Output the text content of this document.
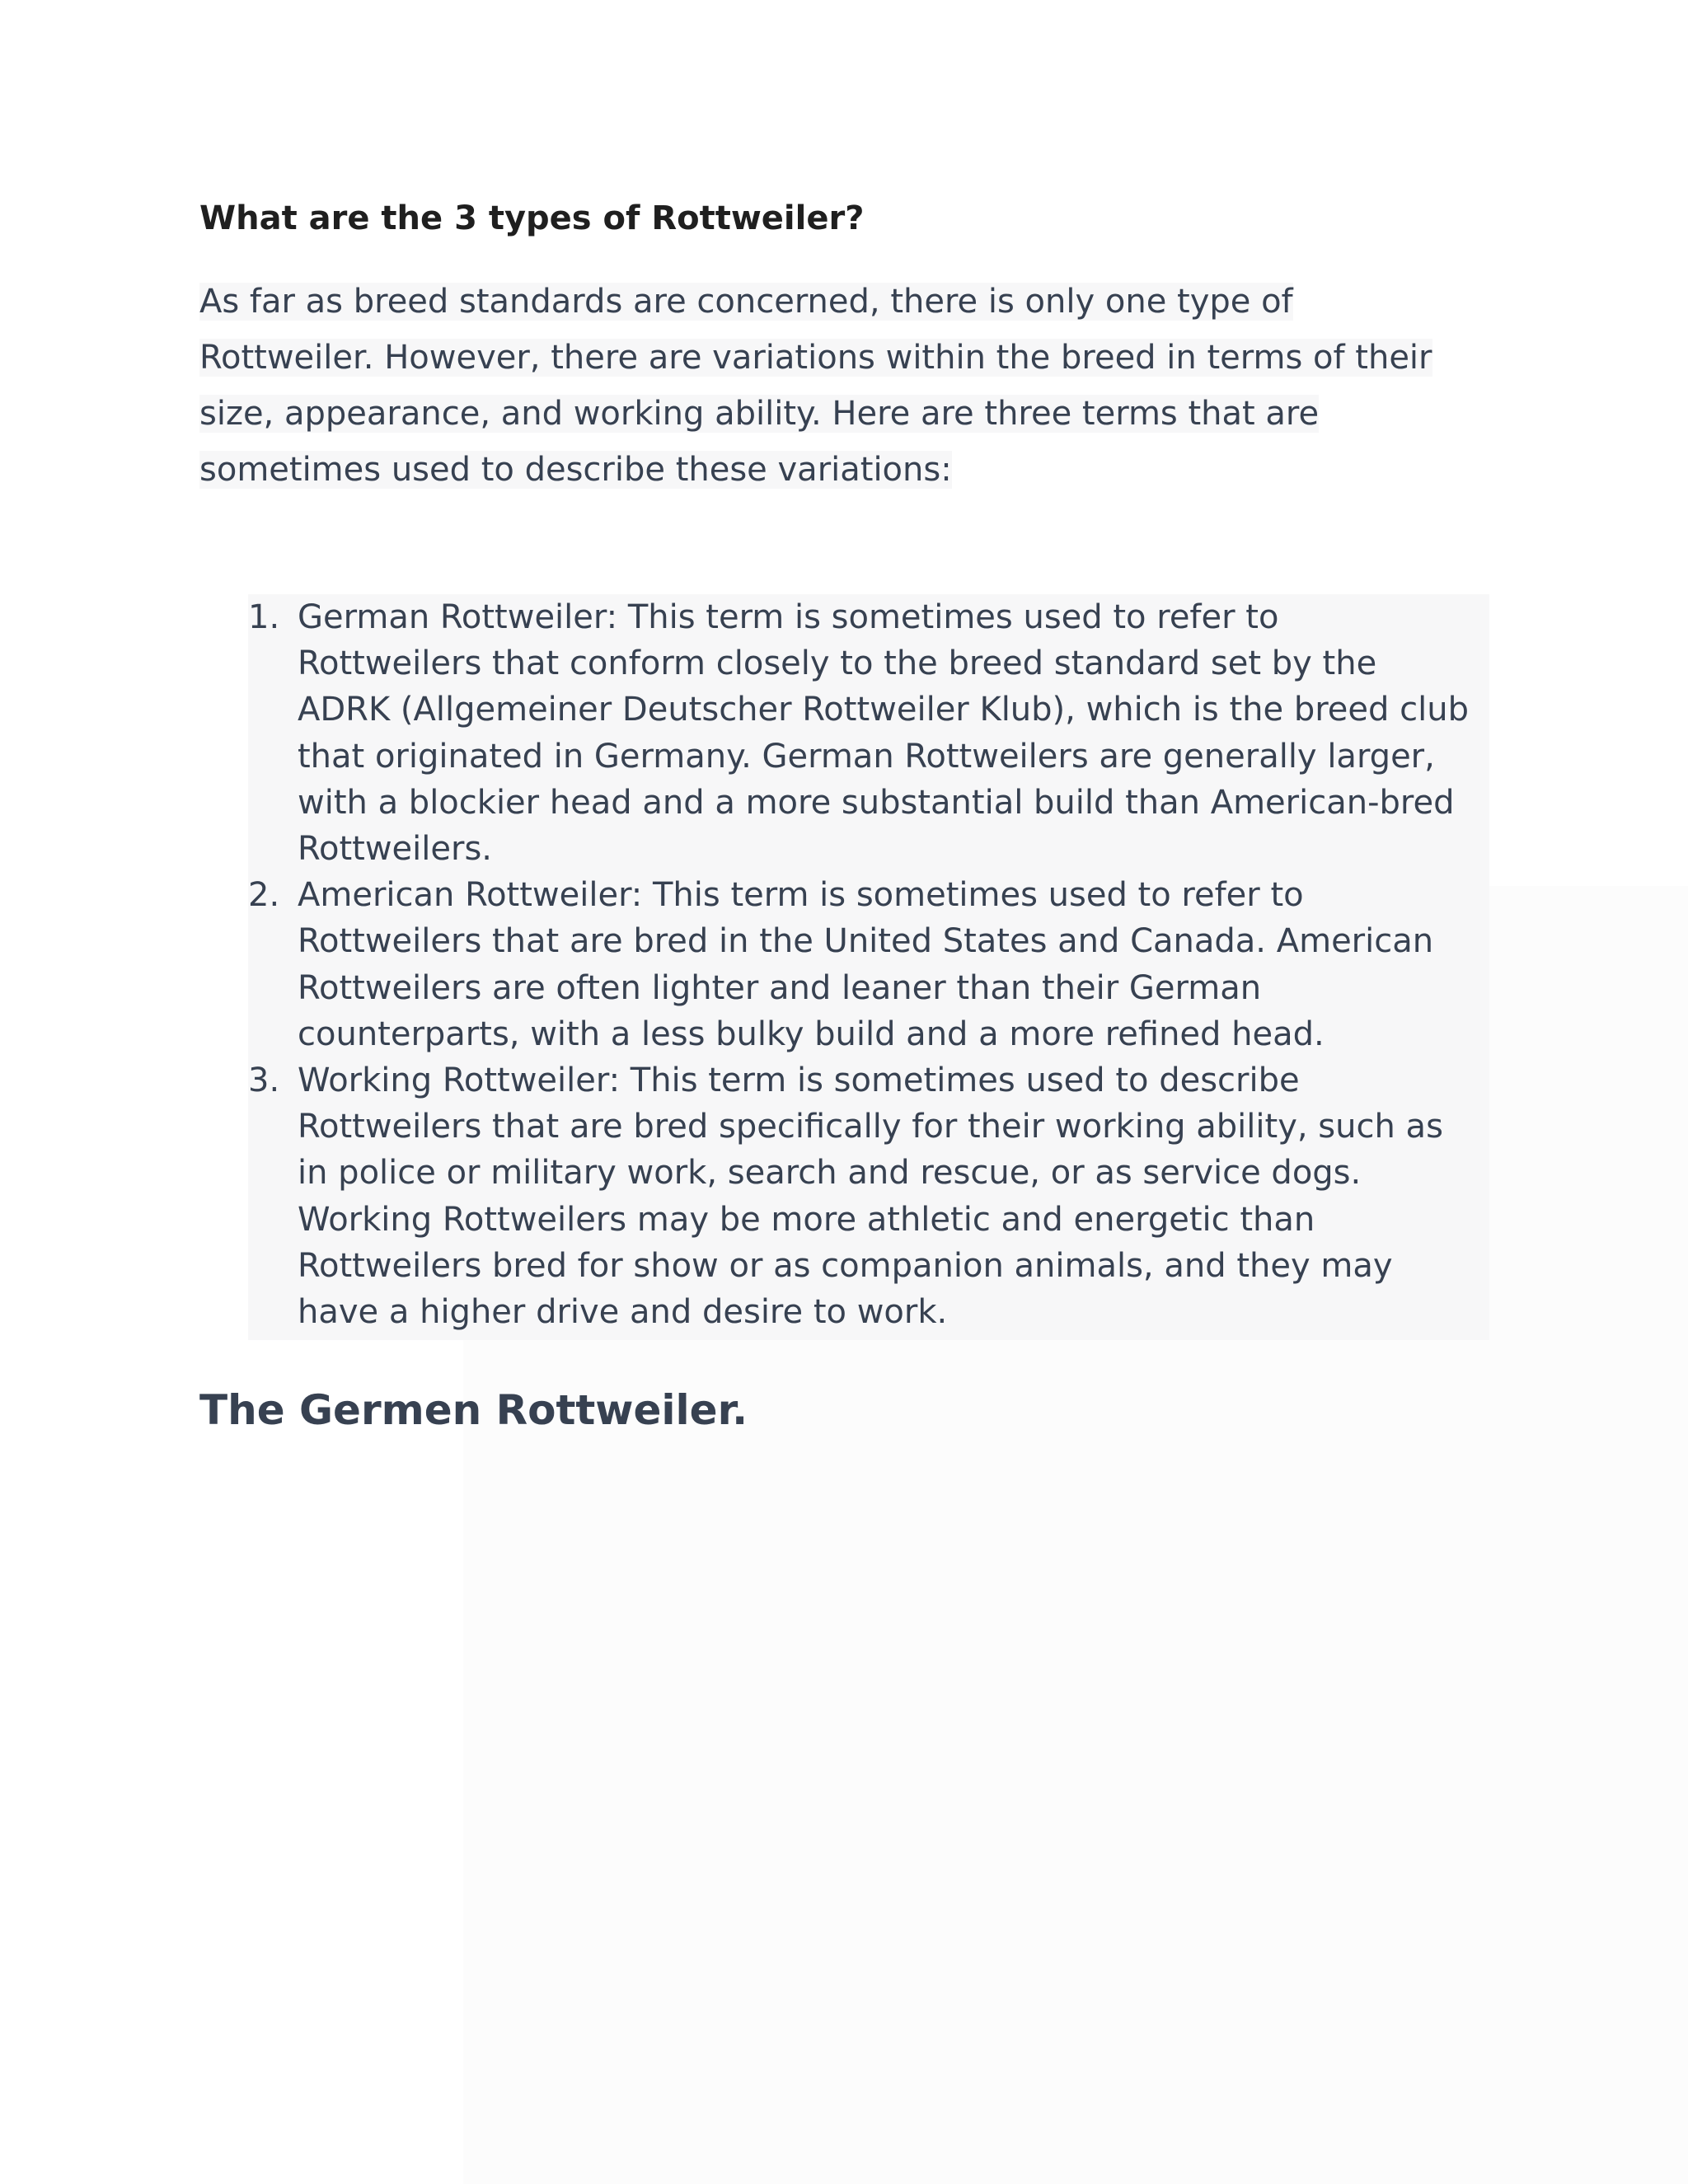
What are the 3 types of Rottweiler?

As far as breed standards are concerned, there is only one type of
Rottweiler. However, there are variations within the breed in terms of their
size, appearance, and working ability. Here are three terms that are
sometimes used to describe these variations:

1. German Rottweiler: This term is sometimes used to refer to
Rottweilers that conform closely to the breed standard set by the
ADRK (Allgemeiner Deutscher Rottweiler Klub), which is the breed club
that originated in Germany. German Rottweilers are generally larger,
with a blockier head and a more substantial build than American-bred
Rottweilers.
2. American Rottweiler: This term is sometimes used to refer to
Rottweilers that are bred in the United States and Canada. American
Rottweilers are often lighter and leaner than their German
counterparts, with a less bulky build and a more refined head.
3. Working Rottweiler: This term is sometimes used to describe
Rottweilers that are bred specifically for their working ability, such as
in police or military work, search and rescue, or as service dogs.
Working Rottweilers may be more athletic and energetic than
Rottweilers bred for show or as companion animals, and they may
have a higher drive and desire to work.
The Germen Rottweiler.
